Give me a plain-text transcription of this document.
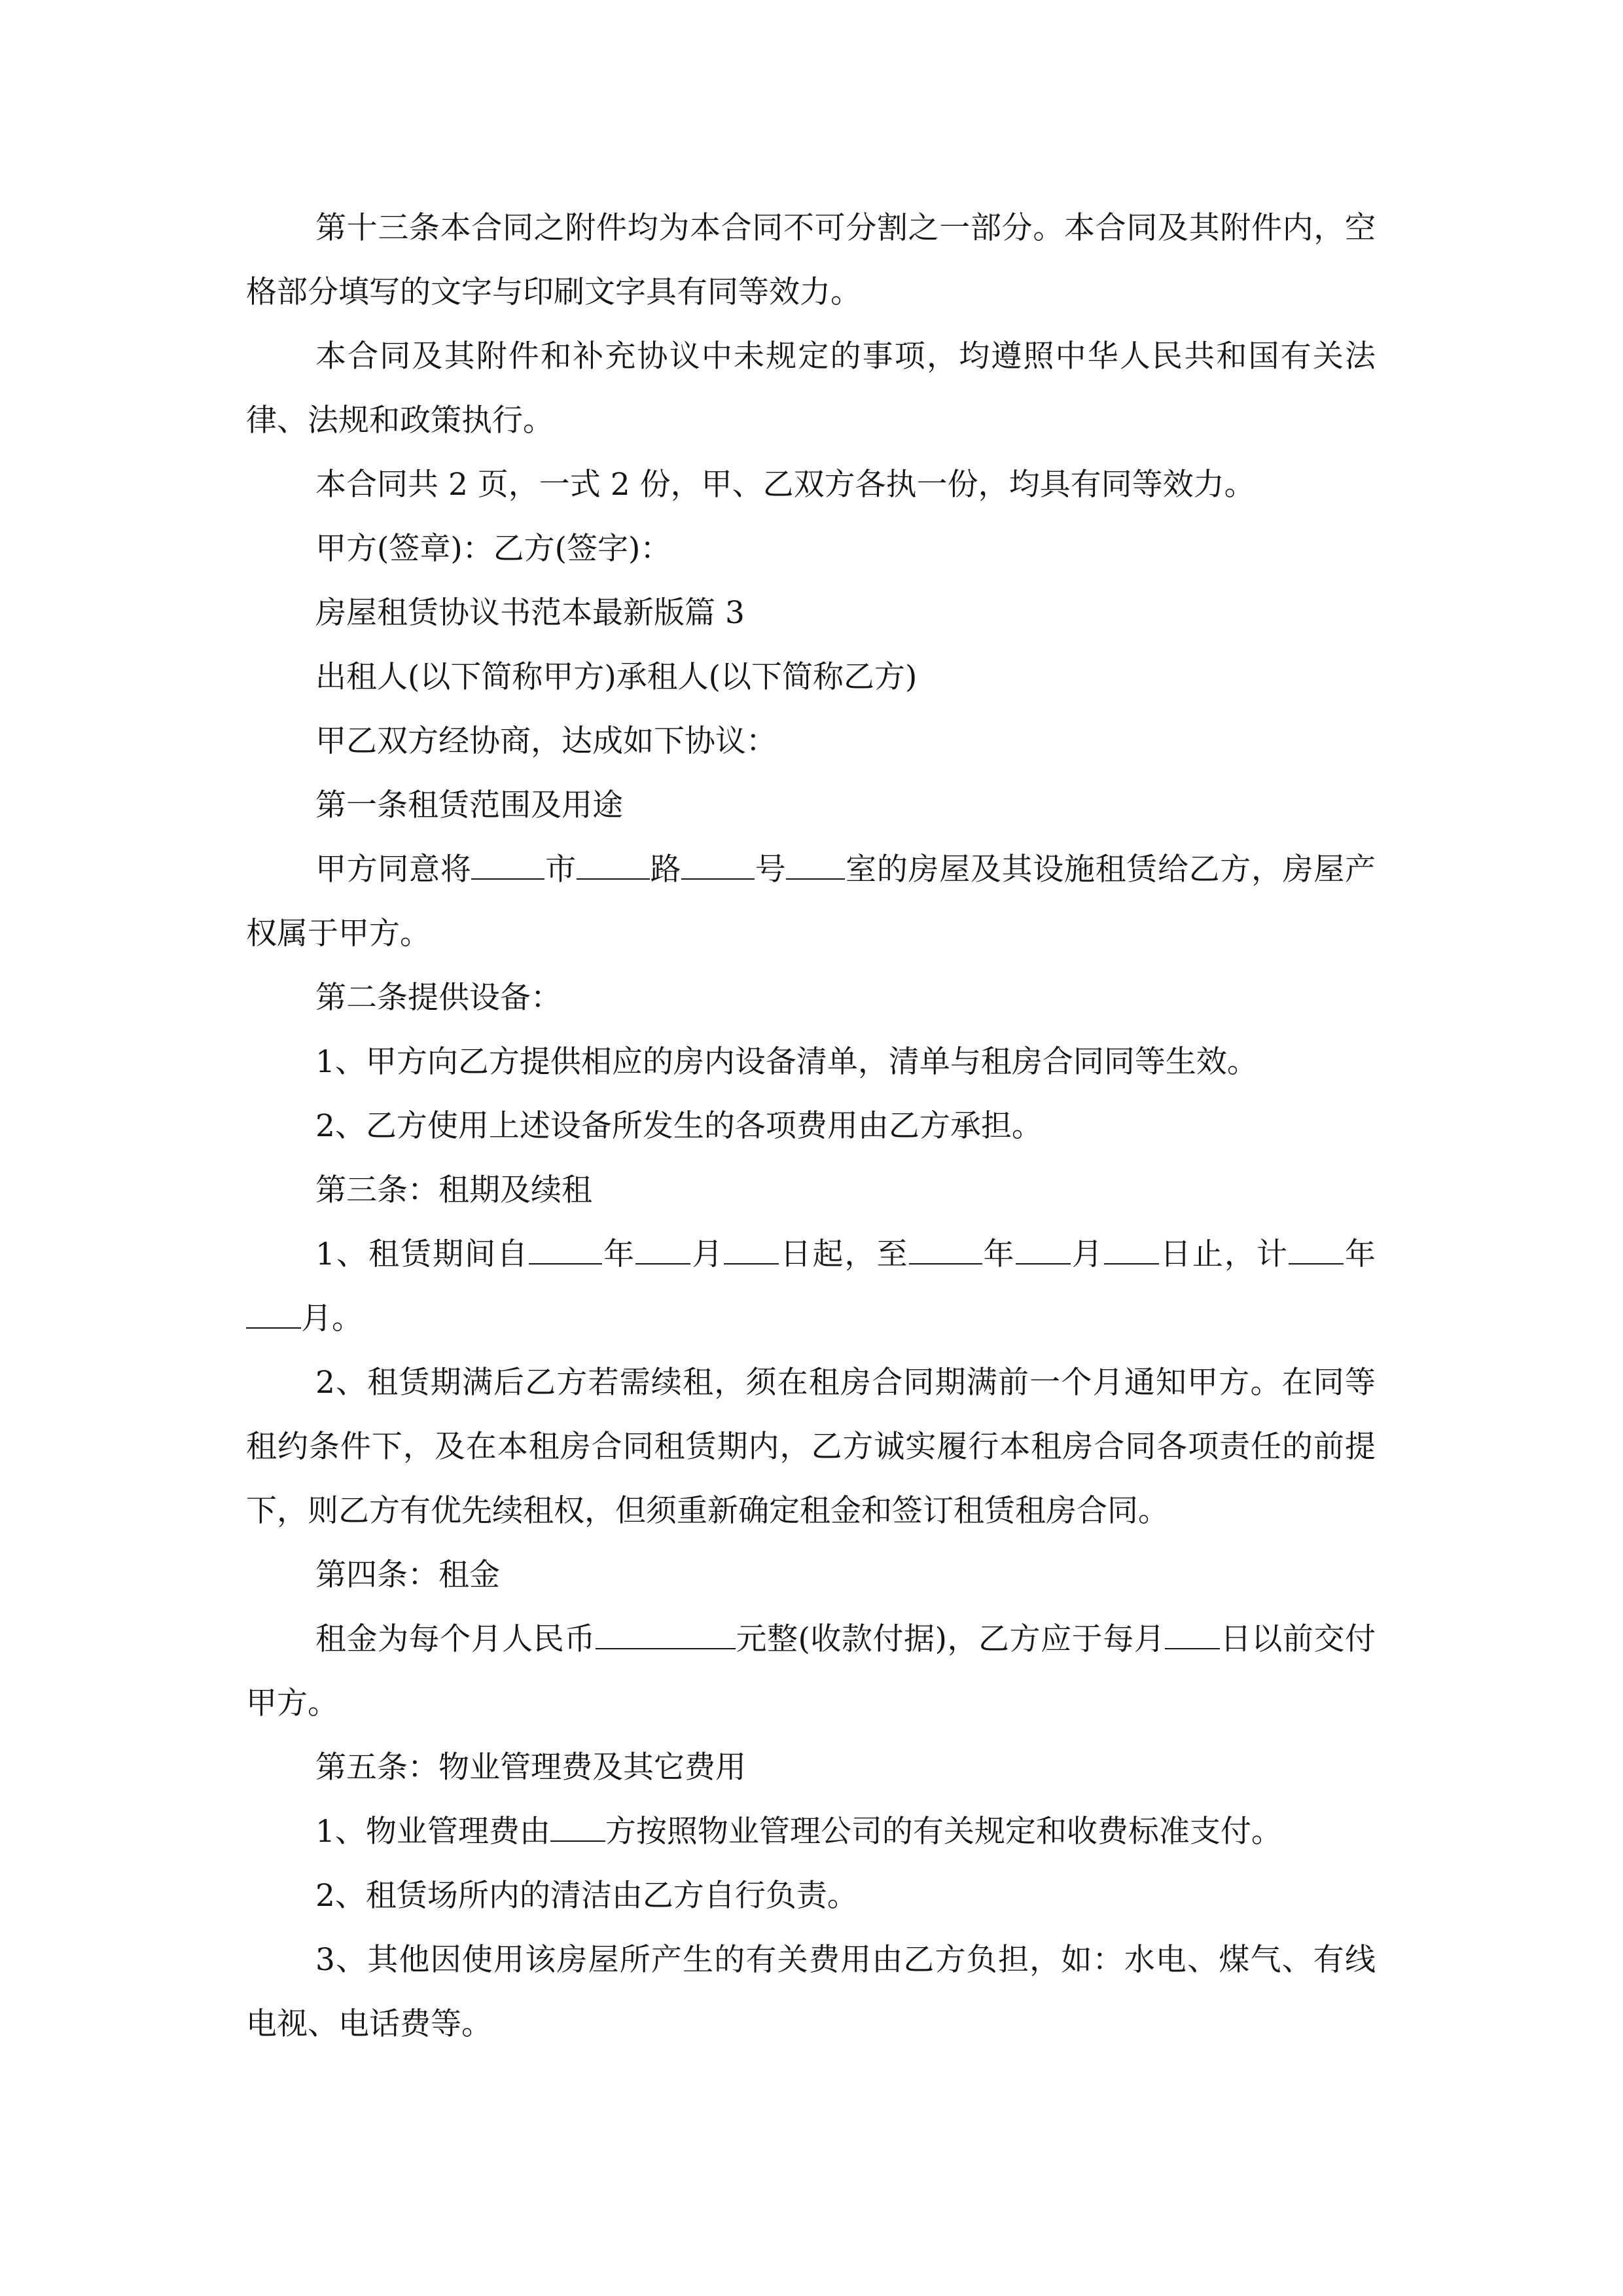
第十三条本合同之附件均为本合同不可分割之一部分。本合同及其附件内，空格部分填写的文字与印刷文字具有同等效力。

本合同及其附件和补充协议中未规定的事项，均遵照中华人民共和国有关法律、法规和政策执行。

本合同共 2 页，一式 2 份，甲、乙双方各执一份，均具有同等效力。

甲方(签章)：乙方(签字)：

房屋租赁协议书范本最新版篇 3

出租人(以下简称甲方)承租人(以下简称乙方)

甲乙双方经协商，达成如下协议：

第一条租赁范围及用途

甲方同意将 市 路 号 室的房屋及其设施租赁给乙方，房屋产权属于甲方。

第二条提供设备：

1、甲方向乙方提供相应的房内设备清单，清单与租房合同同等生效。

2、乙方使用上述设备所发生的各项费用由乙方承担。

第三条：租期及续租

1、租赁期间自 年 月 日起，至 年 月 日止，计 年月。

2、租赁期满后乙方若需续租，须在租房合同期满前一个月通知甲方。在同等租约条件下，及在本租房合同租赁期内，乙方诚实履行本租房合同各项责任的前提下，则乙方有优先续租权，但须重新确定租金和签订租赁租房合同。

第四条：租金

租金为每个月人民币	元整(收款付据)，乙方应于每月 日以前交付甲方。

第五条：物业管理费及其它费用

1、物业管理费由 方按照物业管理公司的有关规定和收费标准支付。

2、租赁场所内的清洁由乙方自行负责。

3、其他因使用该房屋所产生的有关费用由乙方负担，如：水电、煤气、有线电视、电话费等。
